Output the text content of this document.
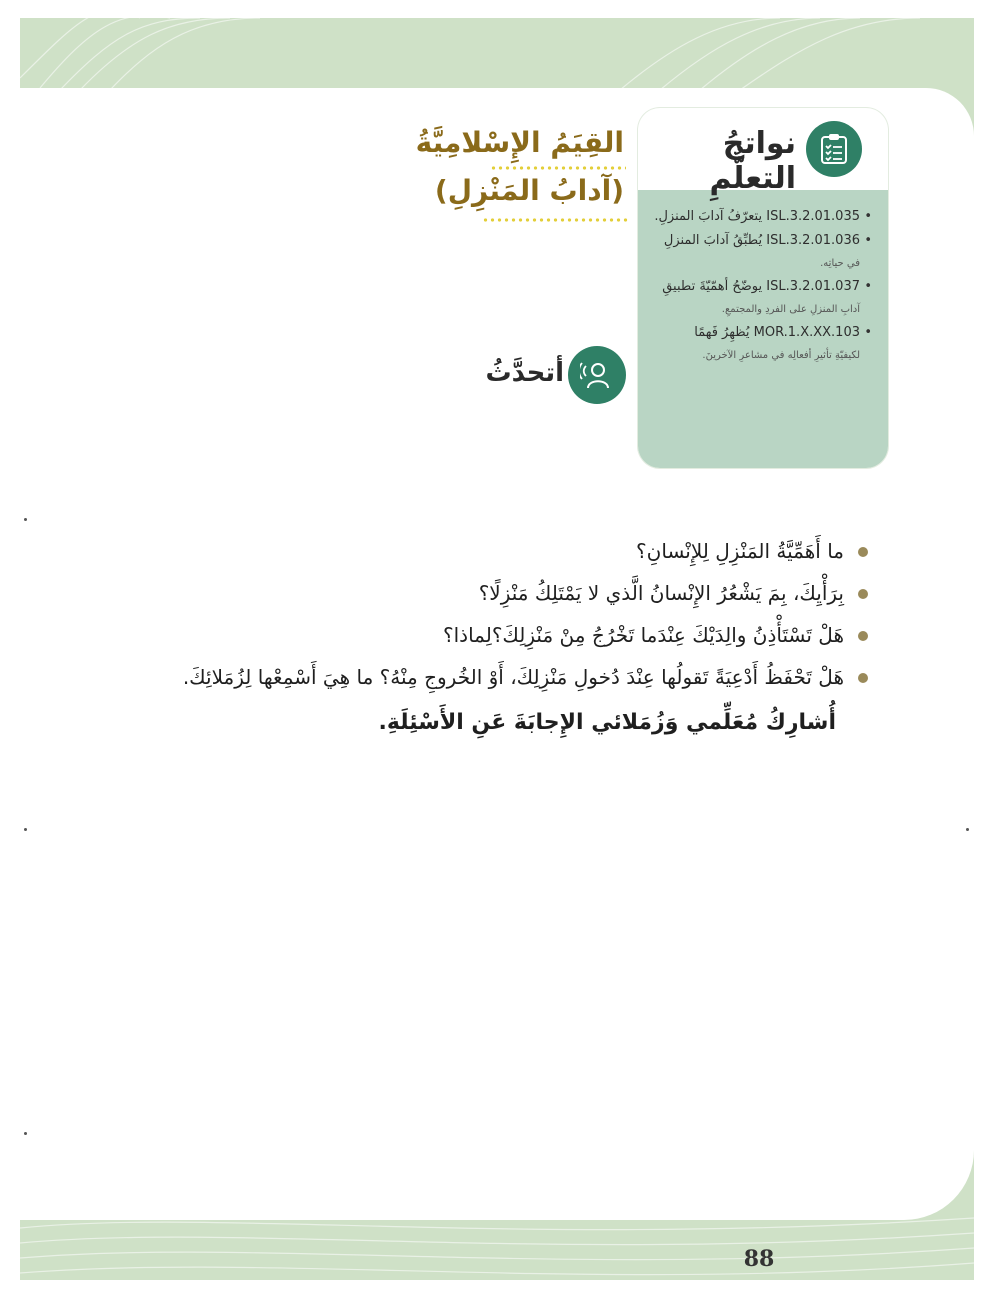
نواتجُ التعلُّمِ
• ISL.3.2.01.035 يتعرّفُ آدابَ المنزلِ.
• ISL.3.2.01.036 يُطبِّقُ آدابَ المنزلِ
في حياتِه.
• ISL.3.2.01.037 يوضّحُ أهمّيّةَ تطبيقِ
آدابِ المنزلِ على الفردِ والمجتمعِ.
• MOR.1.X.XX.103 يُظهِرُ فَهمًا
لكيفيّةِ تأثيرِ أفعالِه في مشاعرِ الآخرينَ.
القِيَمُ الإِسْلامِيَّةُ
(آدابُ المَنْزِلِ)
أتحدَّثُ
ما أَهَمِّيَّةُ المَنْزِلِ لِلإِنْسانِ؟
بِرَأْيِكَ، بِمَ يَشْعُرُ الإِنْسانُ الَّذي لا يَمْتَلِكُ مَنْزِلًا؟
هَلْ تَسْتَأْذِنُ والِدَيْكَ عِنْدَما تَخْرُجُ مِنْ مَنْزِلِكَ؟لِماذا؟
هَلْ تَحْفَظُ أَدْعِيَةً تَقولُها عِنْدَ دُخولِ مَنْزِلِكَ، أَوْ الخُروجِ مِنْهُ؟ ما هِيَ أَسْمِعْها لِزُمَلائِكَ.
أُشارِكُ مُعَلِّمي وَزُمَلائي الإِجابَةَ عَنِ الأَسْئِلَةِ.
88
